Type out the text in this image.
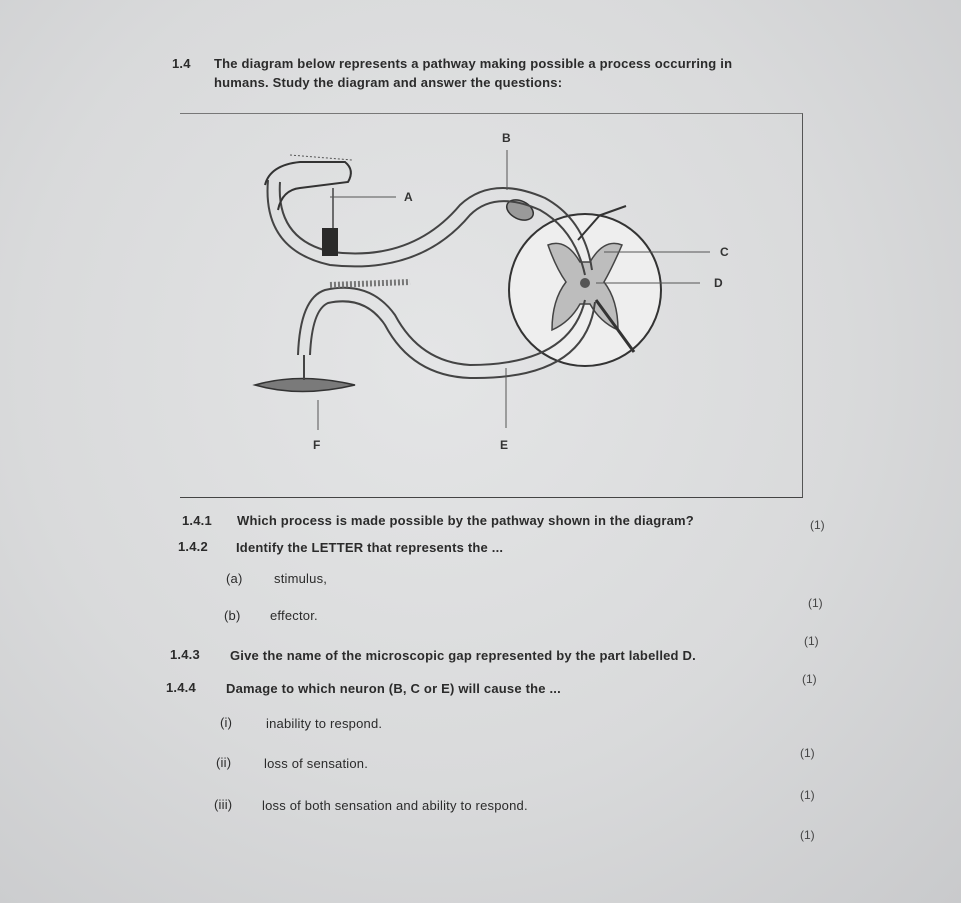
1.4 The diagram below represents a pathway making possible a process occurring in
humans. Study the diagram and answer the questions:
A
B
C
D
E
F
1.4.1 Which process is made possible by the pathway shown in the diagram?	(1)
1.4.2 Identify the LETTER that represents the ...
(a) stimulus,
(1)
(b) effector.
(1)
1.4.3 Give the name of the microscopic gap represented by the part labelled D.
(1)
1.4.4 Damage to which neuron (B, C or E) will cause the ...
(i)	inability to respond.
(1)
(ii)	loss of sensation.
(1)
(iii) loss of both sensation and ability to respond.
(1)
